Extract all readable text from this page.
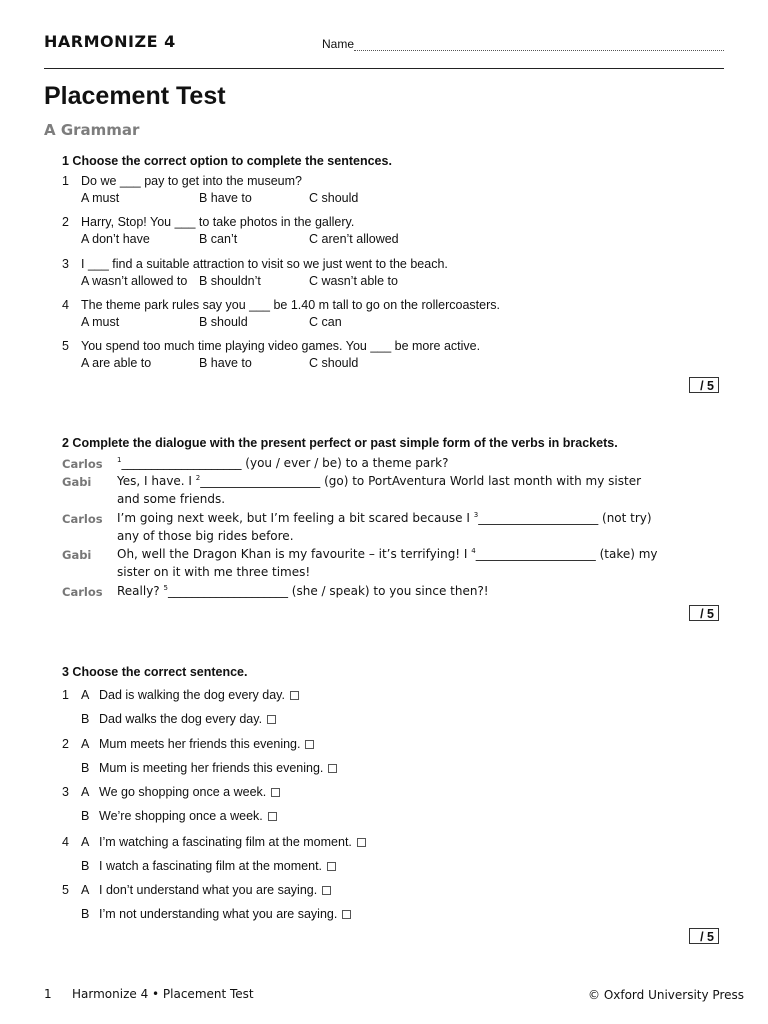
HARMONIZE 4	Name
Placement Test
A Grammar
1 Choose the correct option to complete the sentences.
1 Do we ___ pay to get into the museum?
A must	B have to	C should
2 Harry, Stop! You ___ to take photos in the gallery.
A don’t have	B can’t	C aren’t allowed
3 I ___ find a suitable attraction to visit so we just went to the beach.
A wasn’t allowed to B shouldn’t	C wasn’t able to
4 The theme park rules say you ___ be 1.40 m tall to go on the rollercoasters.
A must	B should	C can
5 You spend too much time playing video games. You ___ be more active.
A are able to	B have to	C should
/ 5
2 Complete the dialogue with the present perfect or past simple form of the verbs in brackets.
Carlos $^1$____________________ (you / ever / be) to a theme park?
Gabi Yes, I have. I $^2$____________________ (go) to PortAventura World last month with my sister
and some friends.
Carlos I’m going next week, but I’m feeling a bit scared because I $^3$____________________ (not try)
any of those big rides before.
Gabi Oh, well the Dragon Khan is my favourite – it’s terrifying! I $^4$____________________ (take) my
sister on it with me three times!
Carlos Really? $^5$____________________ (she / speak) to you since then?!
/ 5
3 Choose the correct sentence.
1 A Dad is walking the dog every day.
B Dad walks the dog every day.
2 A Mum meets her friends this evening.
B Mum is meeting her friends this evening.
3 A We go shopping once a week.
B We’re shopping once a week.
4 A I’m watching a fascinating film at the moment.
B I watch a fascinating film at the moment.
5 A I don’t understand what you are saying.
B I’m not understanding what you are saying.
/ 5
1 Harmonize 4 • Placement Test	© Oxford University Press
